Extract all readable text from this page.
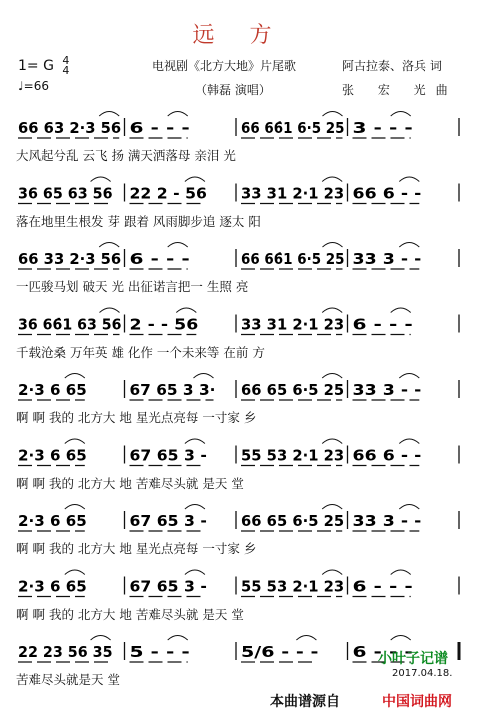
远 方
1= G 4
4
♩=66
电视剧《北方大地》片尾歌	阿古拉泰、洛兵 词
（韩磊 演唱）	张 宏 光曲
66 63 2·3 56 6 - - -	66 66̇1 6·5 25 3 - - -
36 65 63 56 22 2 - 56 33 31 2·1 23 66 6 - -
66 33 2·3 56 6 - - -	66 66̇1 6·5 25 33 3 - -
36 66̇1 63 56 2 - - 56	33 31 2·1 23 6 - - -
2·3 6 65	67 65 3 3· 66 65 6·5 25 33 3 - -
2·3 6 65	67 65 3 - 55 53 2·1 23 66 6 - -
2·3 6 65	67 65 3 - 66 65 6·5 25 33 3 - -
2·3 6 65	67 65 3 - 55 53 2·1 23 6 - - -
22 23 56 35 5 - - -	5/6 - - - 6 - - -
大风起兮乱 云飞 扬 满天洒落母 亲泪 光
落在地里生根发 芽 跟着 风雨脚步追 逐太 阳
一匹骏马划 破天 光 出征诺言把一 生照 亮
千载沧桑 万年英 雄 化作 一个未来等 在前 方
啊 啊 我的 北方大 地 星光点亮每 一寸家 乡
啊 啊 我的 北方大 地 苦难尽头就 是天 堂
啊 啊 我的 北方大 地 星光点亮每 一寸家 乡
啊 啊 我的 北方大 地 苦难尽头就 是天 堂
苦难尽头就是天 堂
小叶子记谱
2017.04.18.
本曲谱源自	中国词曲网
